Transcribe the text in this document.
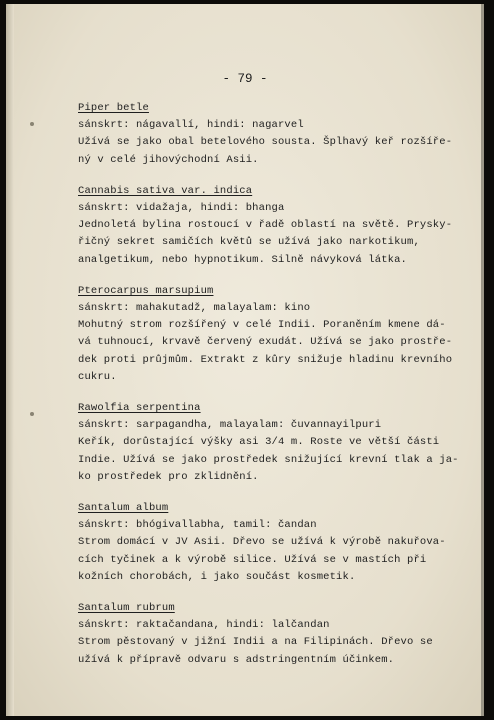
- 79 -

Piper betle
sánskrt: nágavallí, hindi: nagarvel
Užívá se jako obal betelového sousta. Šplhavý keř rozšíře-
ný v celé jihovýchodní Asii.
Cannabis sativa var. indica
sánskrt: vidažaja, hindi: bhanga
Jednoletá bylina rostoucí v řadě oblastí na světě. Prysky-
řičný sekret samičích květů se užívá jako narkotikum,
analgetikum, nebo hypnotikum. Silně návyková látka.
Pterocarpus marsupium
sánskrt: mahakutadž, malayalam: kino
Mohutný strom rozšířený v celé Indii. Poraněním kmene dá-
vá tuhnoucí, krvavě červený exudát. Užívá se jako prostře-
dek proti průjmům. Extrakt z kůry snižuje hladinu krevního
cukru.
Rawolfia serpentina
sánskrt: sarpagandha, malayalam: čuvannayilpuri
Keřík, dorůstající výšky asi 3/4 m. Roste ve větší části
Indie. Užívá se jako prostředek snižující krevní tlak a ja-
ko prostředek pro zklidnění.
Santalum album
sánskrt: bhógivallabha, tamil: čandan
Strom domácí v JV Asii. Dřevo se užívá k výrobě nakuřova-
cích tyčinek a k výrobě silice. Užívá se v mastích při
kožních chorobách, i jako součást kosmetik.
Santalum rubrum
sánskrt: raktačandana, hindi: lalčandan
Strom pěstovaný v jižní Indii a na Filipinách. Dřevo se
užívá k přípravě odvaru s adstringentním účinkem.
